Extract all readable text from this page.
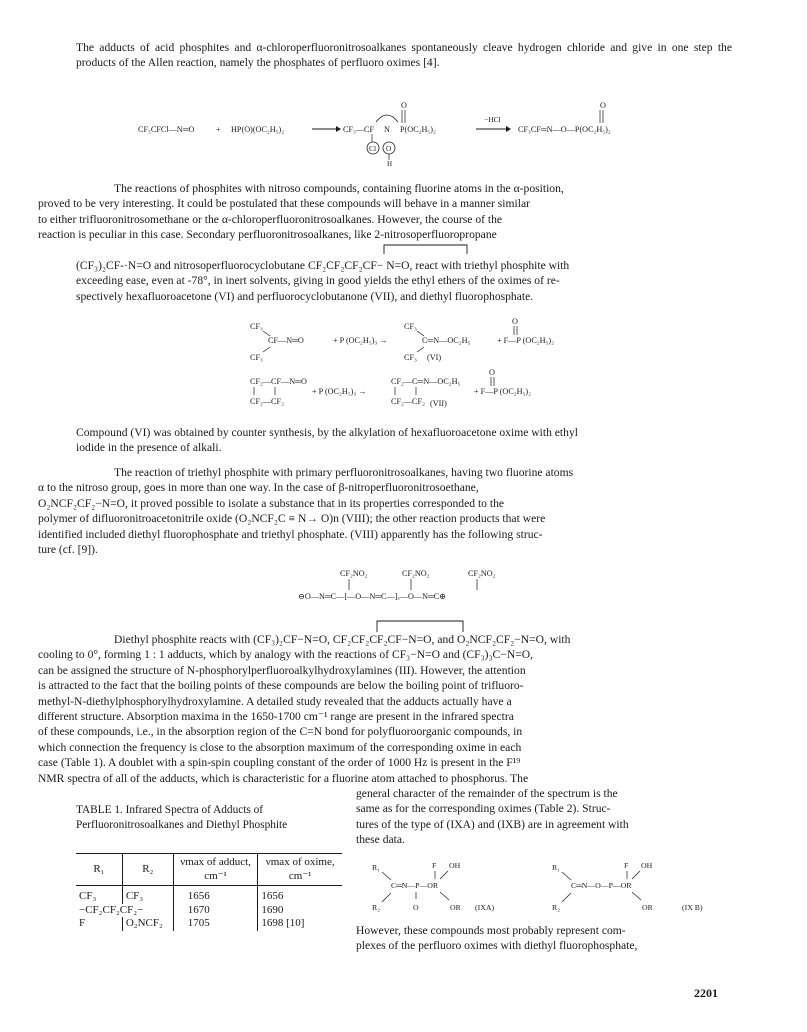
The adducts of acid phosphites and α-chloroperfluoronitrosoalkanes spontaneously cleave hydrogen chloride and give in one step the products of the Allen reaction, namely the phosphates of perfluoro oximes [4].

CF₃CFCl—N═O	+ HP(O)(OC₂H₅)₂	CF₃—CF N P(OC₂H₅)₂
O
Cl O
H
−HCl
CF₃CF═N—O—P(OC₂H₅)₂
O

The reactions of phosphites with nitroso compounds, containing fluorine atoms in the α-position,
proved to be very interesting. It could be postulated that these compounds will behave in a manner similar
to either trifluoronitrosomethane or the α-chloroperfluoronitrosoalkanes. However, the course of the
reaction is peculiar in this case. Secondary perfluoronitrosoalkanes, like 2-nitrosoperfluoropropane

(CF₃)₂CF-·N=O and nitrosoperfluorocyclobutane CF₂CF₂CF₂CF− N=O, react with triethyl phosphite with
exceeding ease, even at -78°, in inert solvents, giving in good yields the ethyl ethers of the oximes of re-
spectively hexafluoroacetone (VI) and perfluorocyclobutanone (VII), and diethyl fluorophosphate.

CF₃
CF—N═O
CF₃
+ P (OC₂H₅)₃ →
CF₃
C═N—OC₂H₅
CF₃ (VI)
+ F—P (OC₂H₅)₂
O
CF₂—CF—N═O
CF₂—CF₂
+ P (OC₂H₅)₃ →
CF₂—C═N—OC₂H₅
CF₂—CF₂ (VII)
+ F—P (OC₂H₅)₂
O

Compound (VI) was obtained by counter synthesis, by the alkylation of hexafluoroacetone oxime with ethyl
iodide in the presence of alkali.

The reaction of triethyl phosphite with primary perfluoronitrosoalkanes, having two fluorine atoms
α to the nitroso group, goes in more than one way. In the case of β-nitroperfluoronitrosoethane,
O₂NCF₂CF₂−N=O, it proved possible to isolate a substance that in its properties corresponded to the
polymer of difluoronitroacetonitrile oxide (O₂NCF₂C ≡ N→ O)n (VIII); the other reaction products that were
identified included diethyl fluorophosphate and triethyl phosphate. (VIII) apparently has the following struc-
ture (cf. [9]).

CF₂NO₂	CF₂NO₂	CF₂NO₂
⊖O—N═C—[—O—N═C—]ₓ—O—N═C⊕

Diethyl phosphite reacts with (CF₃)₂CF−N=O, CF₂CF₂CF₂CF−N=O, and O₂NCF₂CF₂−N=O, with
cooling to 0°, forming 1 : 1 adducts, which by analogy with the reactions of CF₃−N=O and (CF₃)₃C−N=O,
can be assigned the structure of N-phosphorylperfluoroalkylhydroxylamines (III). However, the attention
is attracted to the fact that the boiling points of these compounds are below the boiling point of trifluoro-
methyl-N-diethylphosphorylhydroxylamine. A detailed study revealed that the adducts actually have a
different structure. Absorption maxima in the 1650-1700 cm⁻¹ range are present in the infrared spectra
of these compounds, i.e., in the absorption region of the C=N bond for polyfluoroorganic compounds, in
which connection the frequency is close to the absorption maximum of the corresponding oxime in each
case (Table 1). A doublet with a spin-spin coupling constant of the order of 1000 Hz is present in the F¹⁹
NMR spectra of all of the adducts, which is characteristic for a fluorine atom attached to phosphorus. The

general character of the remainder of the spectrum is the
same as for the corresponding oximes (Table 2). Struc-
tures of the type of (IXA) and (IXB) are in agreement with
these data.

TABLE 1. Infrared Spectra of Adducts of Perfluoronitrosoalkanes and Diethyl Phosphite
R₁	R₂	νmax of adduct, cm⁻¹	νmax of oxime, cm⁻¹
CF₃	CF₃	1656	1656
−CF₂CF₂CF₂−		1670	1690
F	O₂NCF₂	1705	1698 [10]
R₁	F OH
C═N—P—OR
R₂	O	OR (IXA)
R₁	F OH
C═N—O—P—OR
R₂	OR	(IX B)

However, these compounds most probably represent com-
plexes of the perfluoro oximes with diethyl fluorophosphate,

2201
